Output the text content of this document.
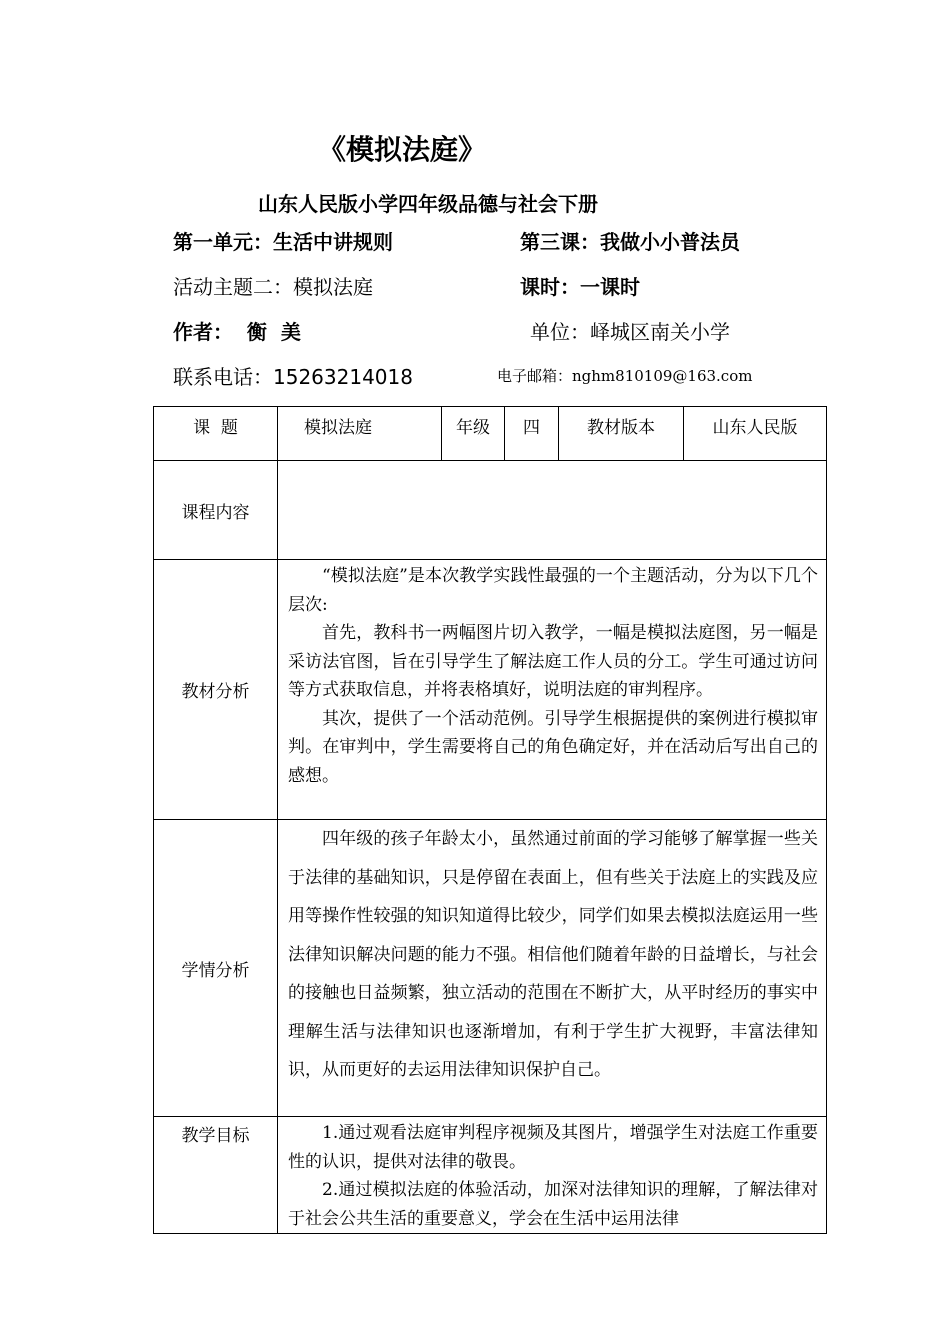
《模拟法庭》
山东人民版小学四年级品德与社会下册
第一单元：生活中讲规则	第三课：我做小小普法员
活动主题二：模拟法庭	课时：一课时
作者：  衡  美	单位：峄城区南关小学
联系电话：15263214018	电子邮箱：nghm810109@163.com
课  题	模拟法庭	年级	四	教材版本	山东人民版
课程内容					
教材分析	“模拟法庭”是本次教学实践性最强的一个主题活动，分为以下几个层次:

首先，教科书一两幅图片切入教学，一幅是模拟法庭图，另一幅是采访法官图，旨在引导学生了解法庭工作人员的分工。学生可通过访问等方式获取信息，并将表格填好，说明法庭的审判程序。

其次，提供了一个活动范例。引导学生根据提供的案例进行模拟审判。在审判中，学生需要将自己的角色确定好，并在活动后写出自己的感想。				

学情分析	四年级的孩子年龄太小，虽然通过前面的学习能够了解掌握一些关于法律的基础知识，只是停留在表面上，但有些关于法庭上的实践及应用等操作性较强的知识知道得比较少，同学们如果去模拟法庭运用一些法律知识解决问题的能力不强。相信他们随着年龄的日益增长，与社会的接触也日益频繁，独立活动的范围在不断扩大，从平时经历的事实中理解生活与法律知识也逐渐增加，有利于学生扩大视野，丰富法律知识，从而更好的去运用法律知识保护自己。				

教学目标	1.通过观看法庭审判程序视频及其图片，增强学生对法庭工作重要性的认识，提供对法律的敬畏。

2.通过模拟法庭的体验活动，加深对法律知识的理解，了解法律对于社会公共生活的重要意义，学会在生活中运用法律				
